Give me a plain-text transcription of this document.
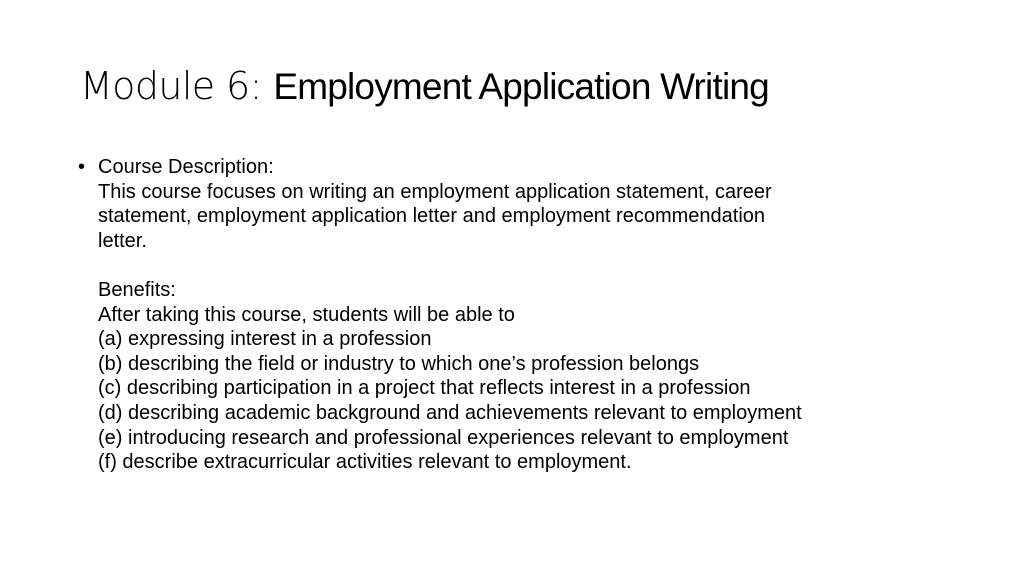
Module 6: Employment Application Writing
• Course Description:
This course focuses on writing an employment application statement, career
statement, employment application letter and employment recommendation
letter.
Benefits:
After taking this course, students will be able to
(a) expressing interest in a profession
(b) describing the field or industry to which one’s profession belongs
(c) describing participation in a project that reflects interest in a profession
(d) describing academic background and achievements relevant to employment
(e) introducing research and professional experiences relevant to employment
(f) describe extracurricular activities relevant to employment.
